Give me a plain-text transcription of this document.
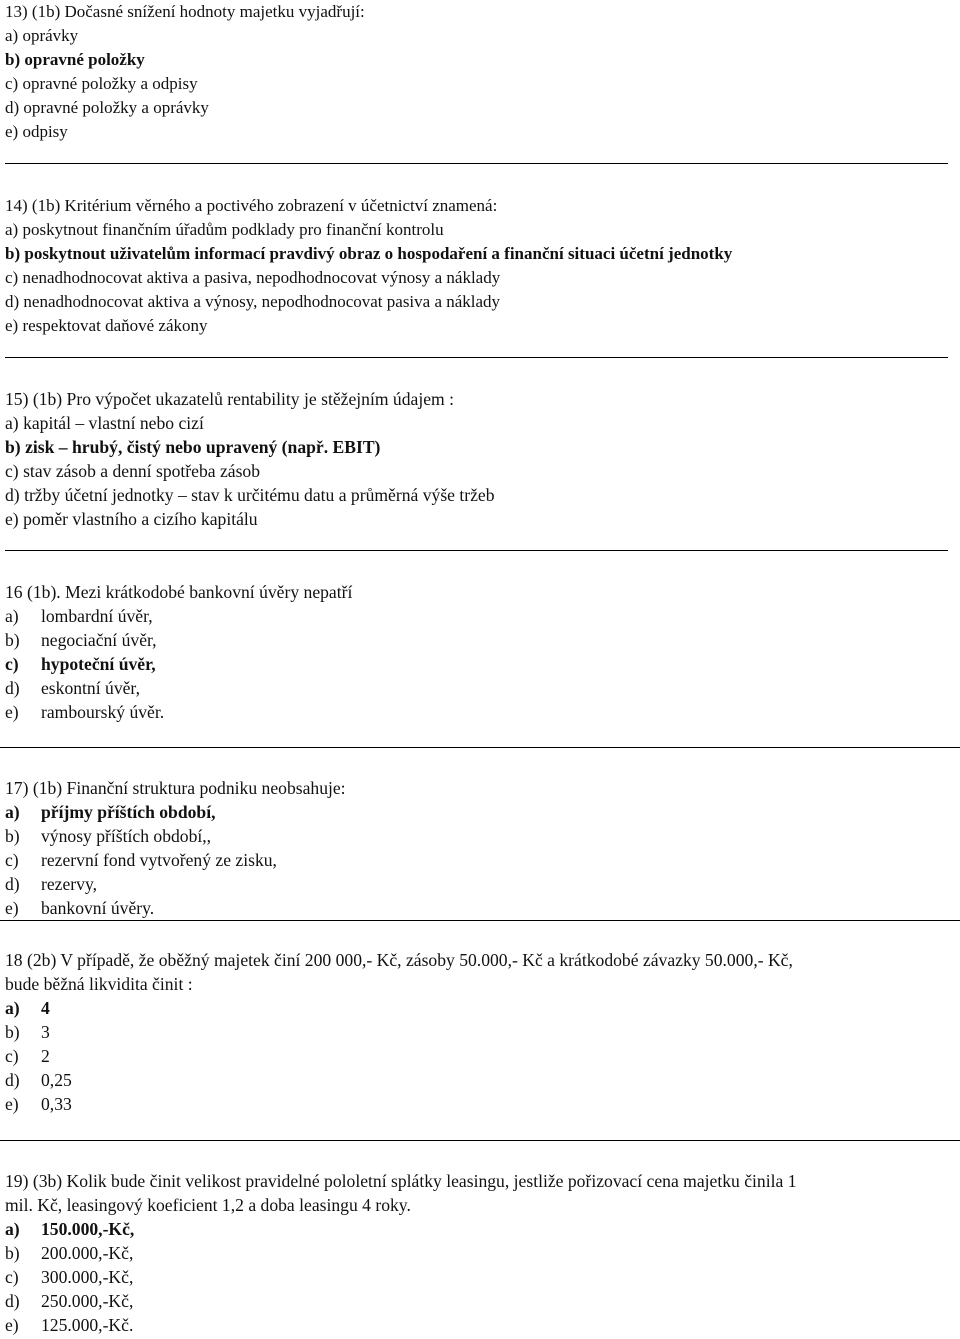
13) (1b) Dočasné snížení hodnoty majetku vyjadřují:

a) oprávky

b) opravné položky

c) opravné položky a odpisy

d) opravné položky a oprávky

e) odpisy

14) (1b) Kritérium věrného a poctivého zobrazení v účetnictví znamená:

a) poskytnout finančním úřadům podklady pro finanční kontrolu

b) poskytnout uživatelům informací pravdivý obraz o hospodaření a finanční situaci účetní jednotky

c) nenadhodnocovat aktiva a pasiva, nepodhodnocovat výnosy a náklady

d) nenadhodnocovat aktiva a výnosy, nepodhodnocovat pasiva a náklady

e) respektovat daňové zákony

15) (1b) Pro výpočet ukazatelů rentability je stěžejním údajem :

a) kapitál – vlastní nebo cizí

b) zisk – hrubý, čistý nebo upravený (např. EBIT)

c) stav zásob a denní spotřeba zásob

d) tržby účetní jednotky – stav k určitému datu a průměrná výše tržeb

e) poměr vlastního a cizího kapitálu

16 (1b). Mezi krátkodobé bankovní úvěry nepatří

a) lombardní úvěr,

b) negociační úvěr,

c) hypoteční úvěr,

d) eskontní úvěr,

e) rambourský úvěr.

17) (1b) Finanční struktura podniku neobsahuje:

a) příjmy příštích období,

b) výnosy příštích období,,

c) rezervní fond vytvořený ze zisku,

d) rezervy,

e) bankovní úvěry.

18 (2b) V případě, že oběžný majetek činí 200 000,- Kč, zásoby 50.000,- Kč a krátkodobé závazky 50.000,- Kč,

bude běžná likvidita činit :

a) 4

b) 3

c) 2

d) 0,25

e) 0,33

19) (3b) Kolik bude činit velikost pravidelné pololetní splátky leasingu, jestliže pořizovací cena majetku činila 1

mil. Kč, leasingový koeficient 1,2 a doba leasingu 4 roky.

a) 150.000,-Kč,

b) 200.000,-Kč,

c) 300.000,-Kč,

d) 250.000,-Kč,

e) 125.000,-Kč.
